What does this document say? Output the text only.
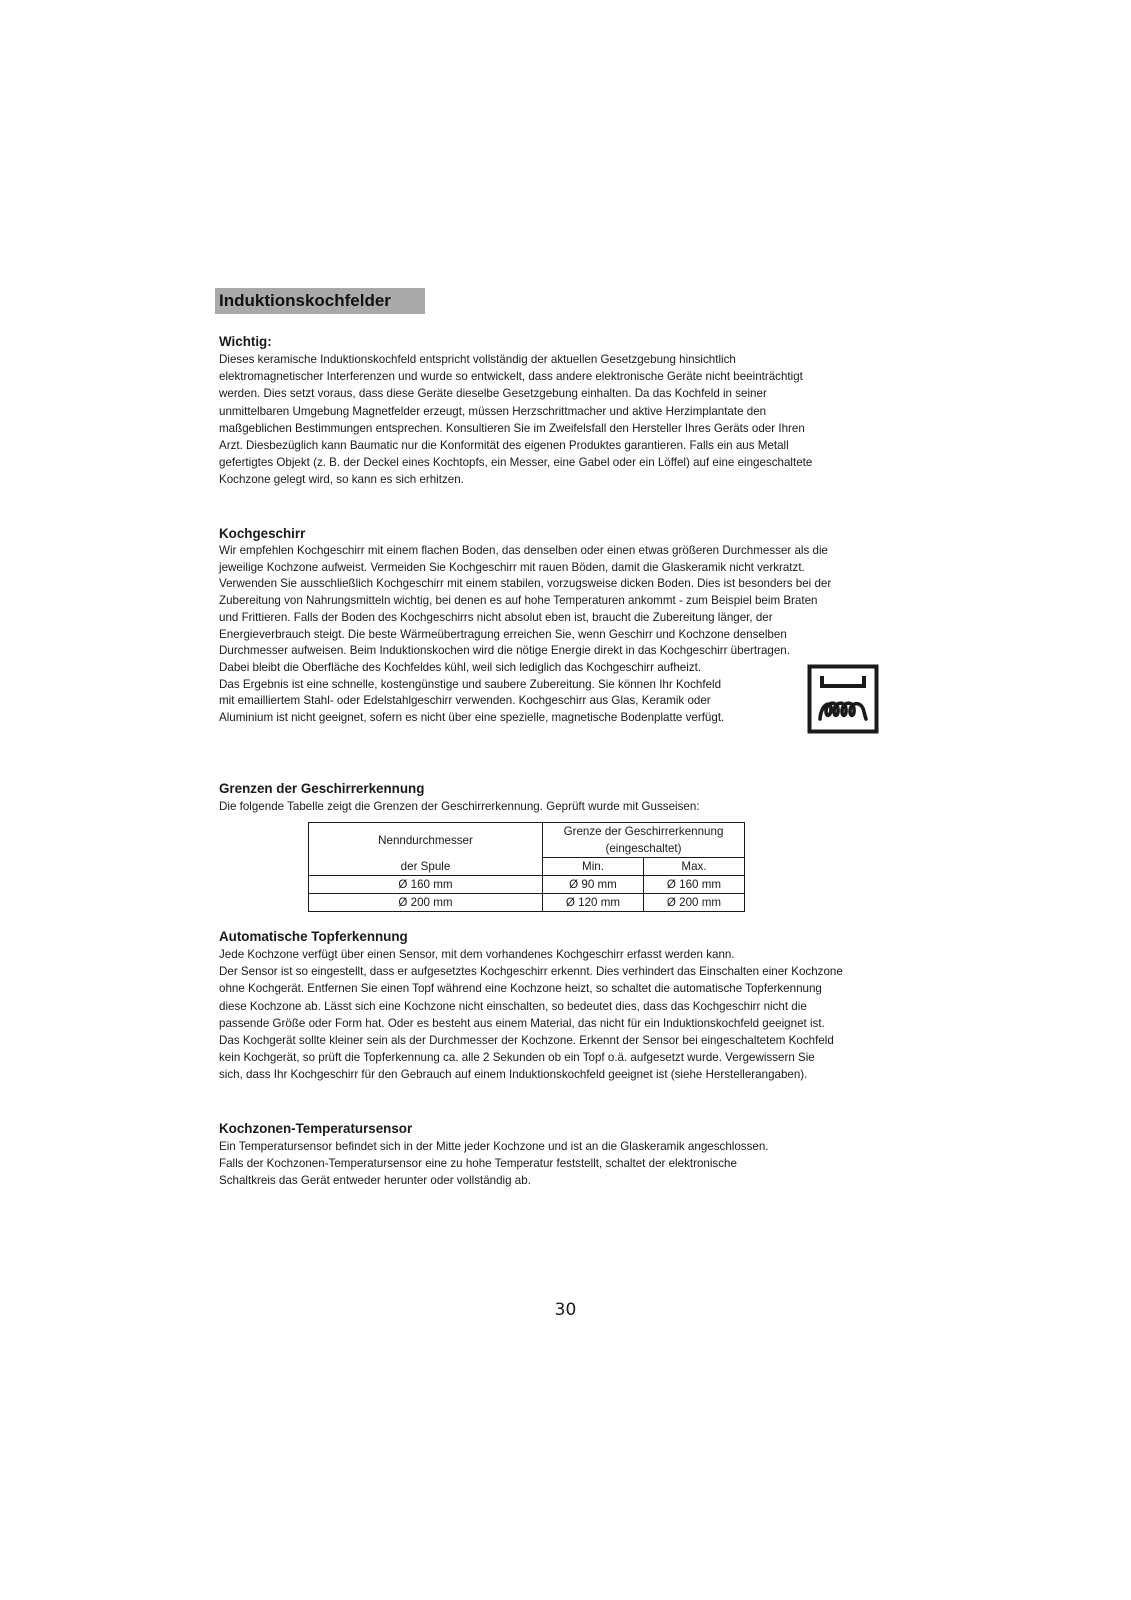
Induktionskochfelder
Wichtig:

Dieses keramische Induktionskochfeld entspricht vollständig der aktuellen Gesetzgebung hinsichtlich
elektromagnetischer Interferenzen und wurde so entwickelt, dass andere elektronische Geräte nicht beeinträchtigt
werden. Dies setzt voraus, dass diese Geräte dieselbe Gesetzgebung einhalten. Da das Kochfeld in seiner
unmittelbaren Umgebung Magnetfelder erzeugt, müssen Herzschrittmacher und aktive Herzimplantate den
maßgeblichen Bestimmungen entsprechen. Konsultieren Sie im Zweifelsfall den Hersteller Ihres Geräts oder Ihren
Arzt. Diesbezüglich kann Baumatic nur die Konformität des eigenen Produktes garantieren. Falls ein aus Metall
gefertigtes Objekt (z. B. der Deckel eines Kochtopfs, ein Messer, eine Gabel oder ein Löffel) auf eine eingeschaltete
Kochzone gelegt wird, so kann es sich erhitzen.

Kochgeschirr

Wir empfehlen Kochgeschirr mit einem flachen Boden, das denselben oder einen etwas größeren Durchmesser als die
jeweilige Kochzone aufweist. Vermeiden Sie Kochgeschirr mit rauen Böden, damit die Glaskeramik nicht verkratzt.
Verwenden Sie ausschließlich Kochgeschirr mit einem stabilen, vorzugsweise dicken Boden. Dies ist besonders bei der
Zubereitung von Nahrungsmitteln wichtig, bei denen es auf hohe Temperaturen ankommt - zum Beispiel beim Braten
und Frittieren. Falls der Boden des Kochgeschirrs nicht absolut eben ist, braucht die Zubereitung länger, der
Energieverbrauch steigt. Die beste Wärmeübertragung erreichen Sie, wenn Geschirr und Kochzone denselben
Durchmesser aufweisen. Beim Induktionskochen wird die nötige Energie direkt in das Kochgeschirr übertragen.
Dabei bleibt die Oberfläche des Kochfeldes kühl, weil sich lediglich das Kochgeschirr aufheizt.
Das Ergebnis ist eine schnelle, kostengünstige und saubere Zubereitung. Sie können Ihr Kochfeld
mit emailliertem Stahl- oder Edelstahlgeschirr verwenden. Kochgeschirr aus Glas, Keramik oder
Aluminium ist nicht geeignet, sofern es nicht über eine spezielle, magnetische Bodenplatte verfügt.

Grenzen der Geschirrerkennung

Die folgende Tabelle zeigt die Grenzen der Geschirrerkennung. Geprüft wurde mit Gusseisen:

Nenndurchmesser	Grenze der Geschirrerkennung (eingeschaltet)	
der Spule	Min.	Max.
Ø 160 mm	Ø 90 mm	Ø 160 mm
Ø 200 mm	Ø 120 mm	Ø 200 mm
Automatische Topferkennung

Jede Kochzone verfügt über einen Sensor, mit dem vorhandenes Kochgeschirr erfasst werden kann.
Der Sensor ist so eingestellt, dass er aufgesetztes Kochgeschirr erkennt. Dies verhindert das Einschalten einer Kochzone
ohne Kochgerät. Entfernen Sie einen Topf während eine Kochzone heizt, so schaltet die automatische Topferkennung
diese Kochzone ab. Lässt sich eine Kochzone nicht einschalten, so bedeutet dies, dass das Kochgeschirr nicht die
passende Größe oder Form hat. Oder es besteht aus einem Material, das nicht für ein Induktionskochfeld geeignet ist.
Das Kochgerät sollte kleiner sein als der Durchmesser der Kochzone. Erkennt der Sensor bei eingeschaltetem Kochfeld
kein Kochgerät, so prüft die Topferkennung ca. alle 2 Sekunden ob ein Topf o.ä. aufgesetzt wurde. Vergewissern Sie
sich, dass Ihr Kochgeschirr für den Gebrauch auf einem Induktionskochfeld geeignet ist (siehe Herstellerangaben).

Kochzonen-Temperatursensor

Ein Temperatursensor befindet sich in der Mitte jeder Kochzone und ist an die Glaskeramik angeschlossen.
Falls der Kochzonen-Temperatursensor eine zu hohe Temperatur feststellt, schaltet der elektronische
Schaltkreis das Gerät entweder herunter oder vollständig ab.

30
